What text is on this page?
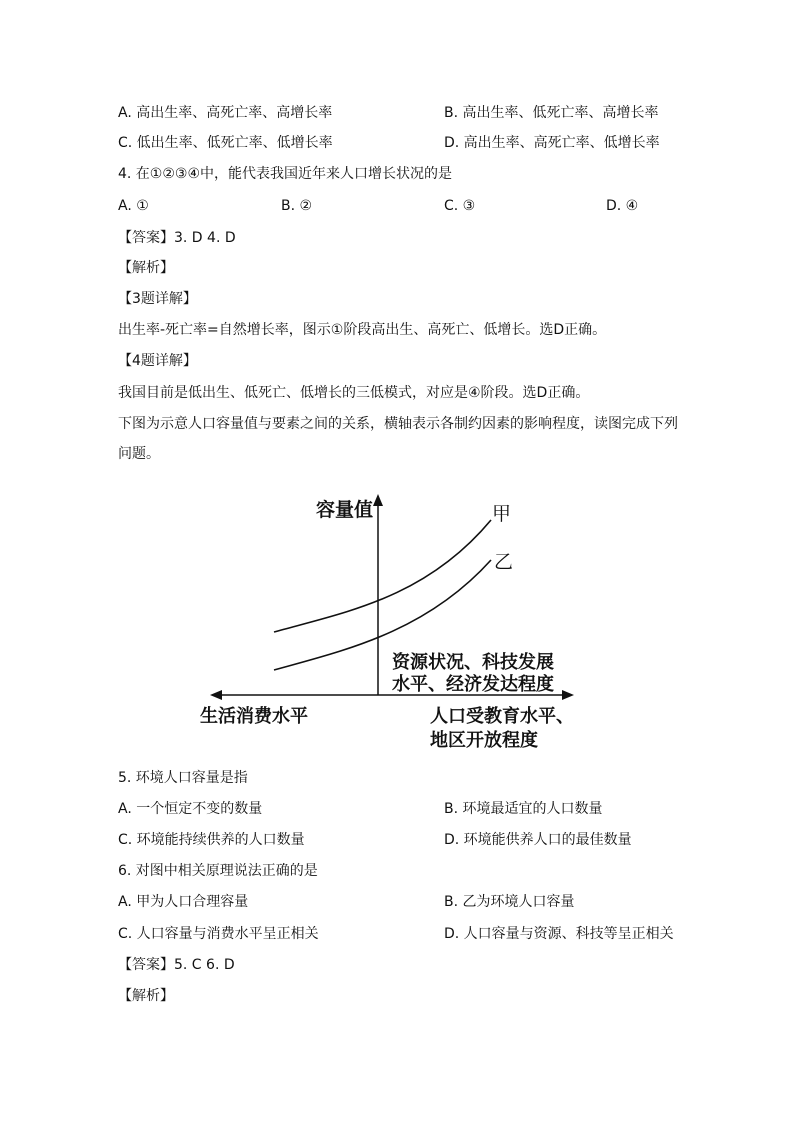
A. 高出生率、高死亡率、高增长率	B. 高出生率、低死亡率、高增长率
C. 低出生率、低死亡率、低增长率	D. 高出生率、高死亡率、低增长率
4. 在①②③④中，能代表我国近年来人口增长状况的是
A. ①	B. ②	C. ③	D. ④
【答案】3. D 4. D
【解析】
【3题详解】
出生率-死亡率=自然增长率，图示①阶段高出生、高死亡、低增长。选D正确。
【4题详解】
我国目前是低出生、低死亡、低增长的三低模式，对应是④阶段。选D正确。
下图为示意人口容量值与要素之间的关系，横轴表示各制约因素的影响程度，读图完成下列
问题。
容量值	甲
乙
资源状况、科技发展
水平、经济发达程度
生活消费水平	人口受教育水平、
地区开放程度
5. 环境人口容量是指
A. 一个恒定不变的数量	B. 环境最适宜的人口数量
C. 环境能持续供养的人口数量	D. 环境能供养人口的最佳数量
6. 对图中相关原理说法正确的是
A. 甲为人口合理容量	B. 乙为环境人口容量
C. 人口容量与消费水平呈正相关	D. 人口容量与资源、科技等呈正相关
【答案】5. C 6. D
【解析】
